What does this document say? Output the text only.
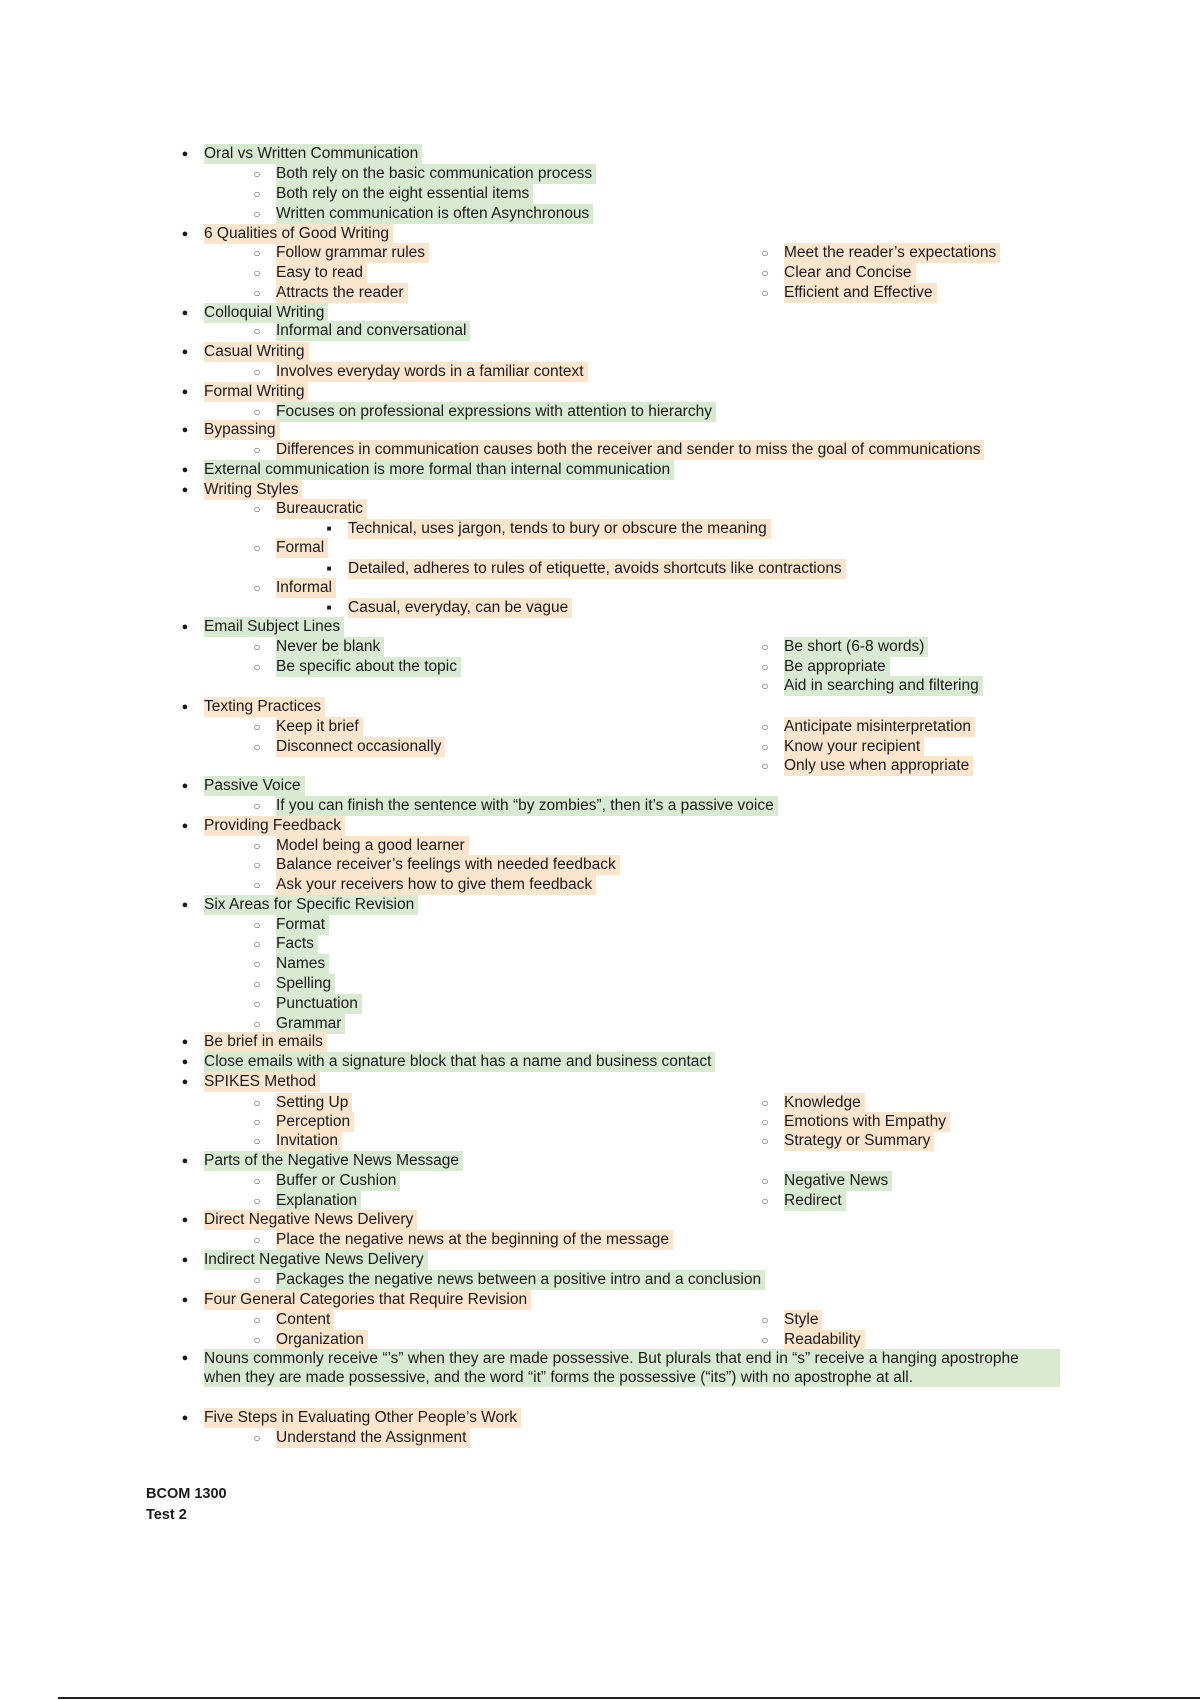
●	Oral vs Written Communication
○ Both rely on the basic communication process
○ Both rely on the eight essential items
○ Written communication is often Asynchronous
●	6 Qualities of Good Writing
○ Follow grammar rules
○ Easy to read
○ Attracts the reader
○ Meet the reader’s expectations
○ Clear and Concise
○ Efficient and Effective
●	Colloquial Writing
○ Informal and conversational
●	Casual Writing
○ Involves everyday words in a familiar context
●	Formal Writing
○ Focuses on professional expressions with attention to hierarchy
●	Bypassing
○ Differences in communication causes both the receiver and sender to miss the goal of communications
●	External communication is more formal than internal communication
●	Writing Styles
○ Bureaucratic
■	Technical, uses jargon, tends to bury or obscure the meaning
○ Formal
■	Detailed, adheres to rules of etiquette, avoids shortcuts like contractions
○ Informal
■	Casual, everyday, can be vague
●	Email Subject Lines
○ Never be blank
○ Be specific about the topic
○ Be short (6-8 words)
○ Be appropriate
○ Aid in searching and filtering
●	Texting Practices
○ Keep it brief
○ Disconnect occasionally
○ Anticipate misinterpretation
○ Know your recipient
○ Only use when appropriate
●	Passive Voice
○ If you can finish the sentence with “by zombies”, then it’s a passive voice
●	Providing Feedback
○ Model being a good learner
○ Balance receiver’s feelings with needed feedback
○ Ask your receivers how to give them feedback
●	Six Areas for Specific Revision
○ Format
○ Facts
○ Names
○ Spelling
○ Punctuation
○ Grammar
●	Be brief in emails
●	Close emails with a signature block that has a name and business contact
●	SPIKES Method
○ Setting Up
○ Perception
○ Invitation
○ Knowledge
○ Emotions with Empathy
○ Strategy or Summary
●	Parts of the Negative News Message
○ Buffer or Cushion
○ Explanation
○ Negative News
○ Redirect
●	Direct Negative News Delivery
○ Place the negative news at the beginning of the message
●	Indirect Negative News Delivery
○ Packages the negative news between a positive intro and a conclusion
●	Four General Categories that Require Revision
○ Content
○ Organization
○ Style
○ Readability
●	Nouns commonly receive “’s” when they are made possessive. But plurals that end in “s” receive a hanging apostrophe when they are made possessive, and the word “it” forms the possessive (“its”) with no apostrophe at all.
●	Five Steps in Evaluating Other People’s Work
○ Understand the Assignment
BCOM 1300
Test 2
